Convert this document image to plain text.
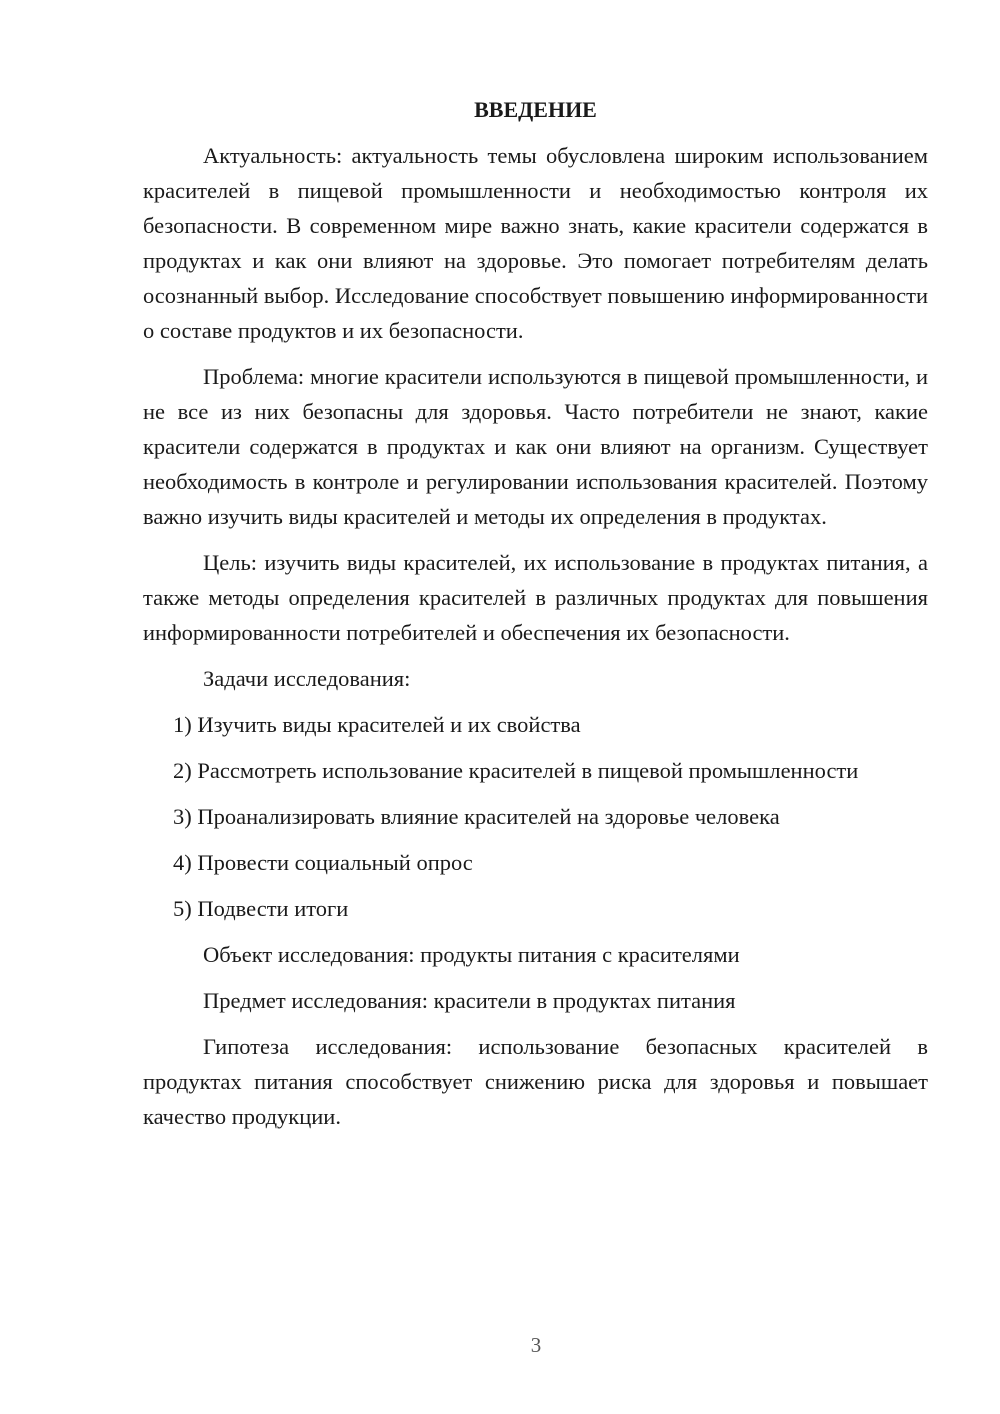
ВВЕДЕНИЕ

Актуальность: актуальность темы обусловлена широким использованием красителей в пищевой промышленности и необходимостью контроля их безопасности. В современном мире важно знать, какие красители содержатся в продуктах и как они влияют на здоровье. Это помогает потребителям делать осознанный выбор. Исследование способствует повышению информированности о составе продуктов и их безопасности.

Проблема: многие красители используются в пищевой промышленности, и не все из них безопасны для здоровья. Часто потребители не знают, какие красители содержатся в продуктах и как они влияют на организм. Существует необходимость в контроле и регулировании использования красителей. Поэтому важно изучить виды красителей и методы их определения в продуктах.

Цель: изучить виды красителей, их использование в продуктах питания, а также методы определения красителей в различных продуктах для повышения информированности потребителей и обеспечения их безопасности.

Задачи исследования:
1) Изучить виды красителей и их свойства

2) Рассмотреть использование красителей в пищевой промышленности

3) Проанализировать влияние красителей на здоровье человека
4) Провести социальный опрос
5) Подвести итоги
Объект исследования: продукты питания с красителями
Предмет исследования: красители в продуктах питания

Гипотеза исследования: использование безопасных красителей в продуктах питания способствует снижению риска для здоровья и повышает качество продукции.

3
